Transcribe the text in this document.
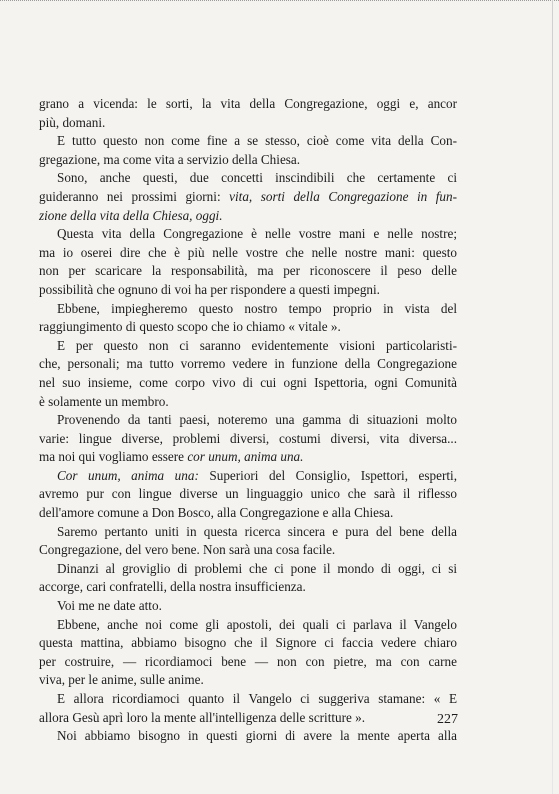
grano a vicenda: le sorti, la vita della Congregazione, oggi e, ancor
più, domani.
E tutto questo non come fine a se stesso, cioè come vita della Con-
gregazione, ma come vita a servizio della Chiesa.
Sono, anche questi, due concetti inscindibili che certamente ci
guideranno nei prossimi giorni: vita, sorti della Congregazione in fun-
zione della vita della Chiesa, oggi.
Questa vita della Congregazione è nelle vostre mani e nelle nostre;
ma io oserei dire che è più nelle vostre che nelle nostre mani: questo
non per scaricare la responsabilità, ma per riconoscere il peso delle
possibilità che ognuno di voi ha per rispondere a questi impegni.
Ebbene, impiegheremo questo nostro tempo proprio in vista del
raggiungimento di questo scopo che io chiamo « vitale ».
E per questo non ci saranno evidentemente visioni particolaristi-
che, personali; ma tutto vorremo vedere in funzione della Congregazione
nel suo insieme, come corpo vivo di cui ogni Ispettoria, ogni Comunità
è solamente un membro.
Provenendo da tanti paesi, noteremo una gamma di situazioni molto
varie: lingue diverse, problemi diversi, costumi diversi, vita diversa...
ma noi qui vogliamo essere cor unum, anima una.
Cor unum, anima una: Superiori del Consiglio, Ispettori, esperti,
avremo pur con lingue diverse un linguaggio unico che sarà il riflesso
dell'amore comune a Don Bosco, alla Congregazione e alla Chiesa.
Saremo pertanto uniti in questa ricerca sincera e pura del bene della
Congregazione, del vero bene. Non sarà una cosa facile.
Dinanzi al groviglio di problemi che ci pone il mondo di oggi, ci si
accorge, cari confratelli, della nostra insufficienza.
Voi me ne date atto.
Ebbene, anche noi come gli apostoli, dei quali ci parlava il Vangelo
questa mattina, abbiamo bisogno che il Signore ci faccia vedere chiaro
per costruire, — ricordiamoci bene — non con pietre, ma con carne
viva, per le anime, sulle anime.
E allora ricordiamoci quanto il Vangelo ci suggeriva stamane: « E
allora Gesù aprì loro la mente all'intelligenza delle scritture ».
Noi abbiamo bisogno in questi giorni di avere la mente aperta alla
227
